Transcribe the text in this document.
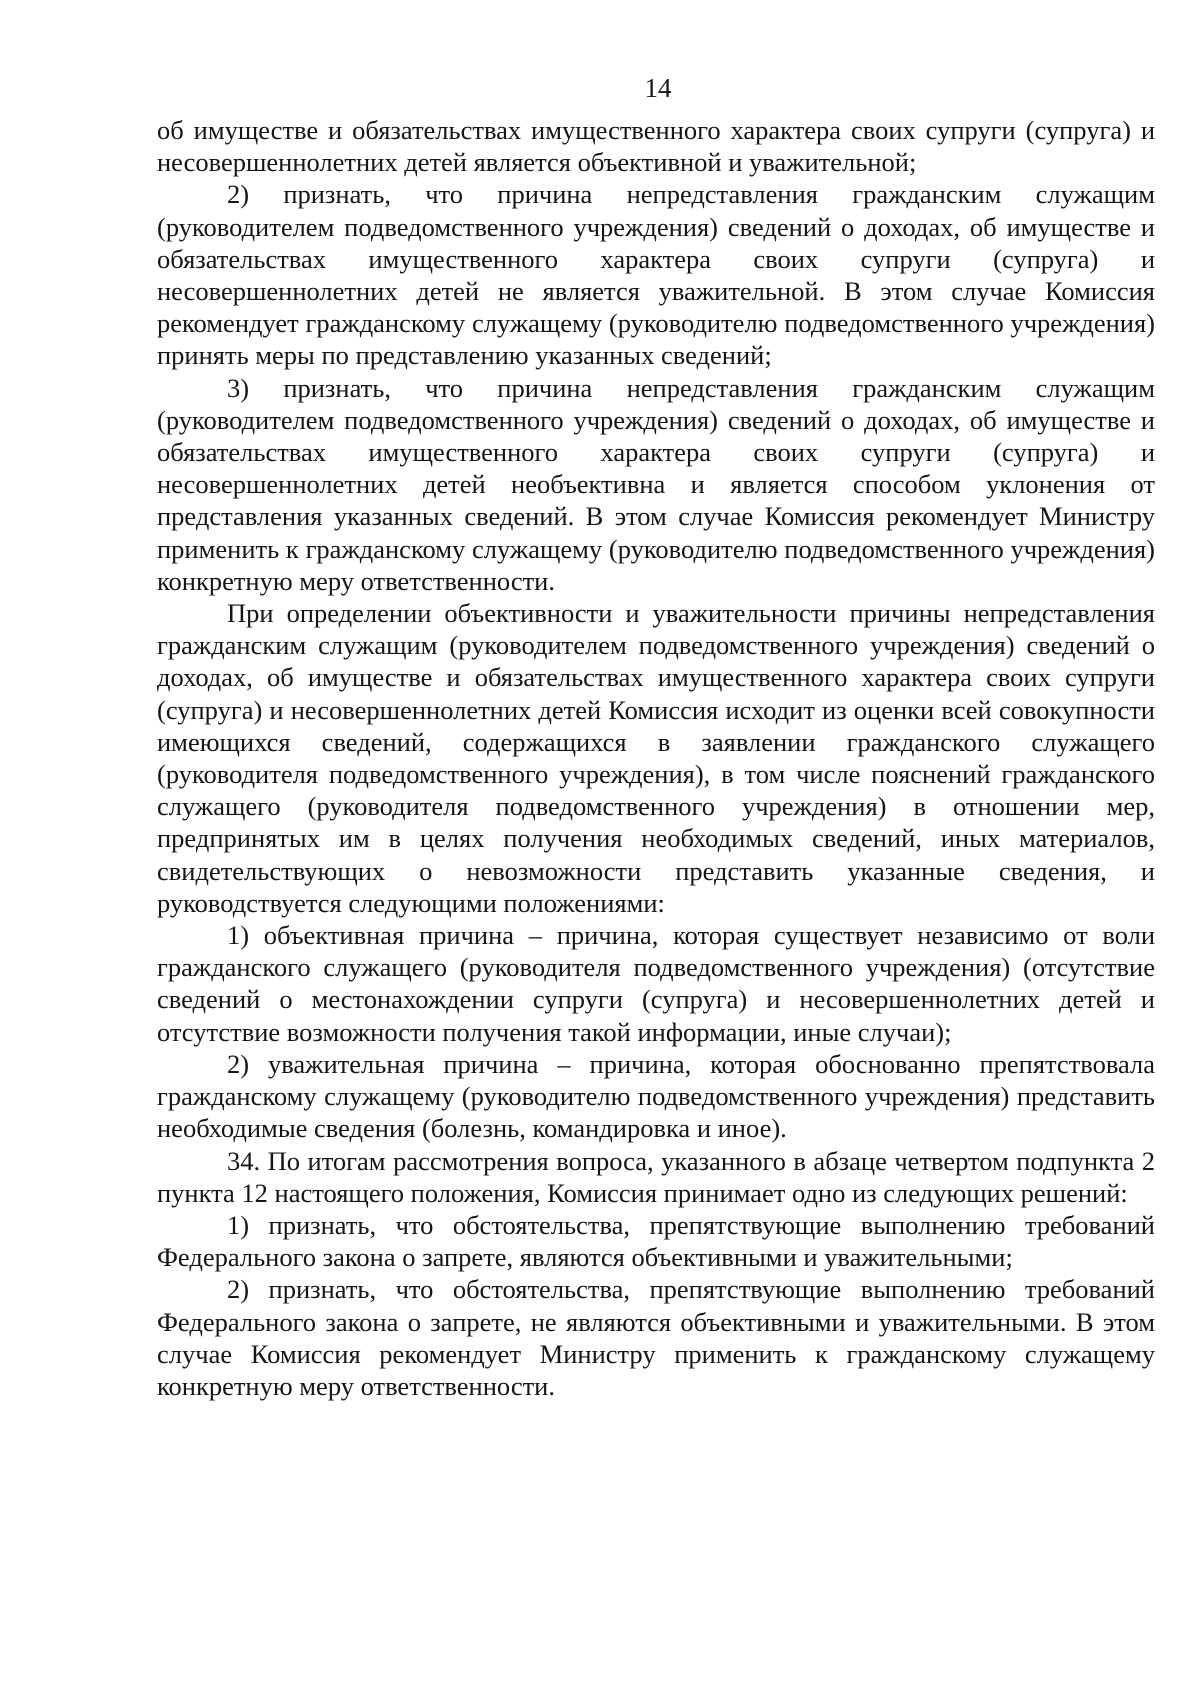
14

об имуществе и обязательствах имущественного характера своих супруги (супруга) и несовершеннолетних детей является объективной и уважительной;

2) признать, что причина непредставления гражданским служащим (руководителем подведомственного учреждения) сведений о доходах, об имуществе и обязательствах имущественного характера своих супруги (супруга) и несовершеннолетних детей не является уважительной. В этом случае Комиссия рекомендует гражданскому служащему (руководителю подведомственного учреждения) принять меры по представлению указанных сведений;

3) признать, что причина непредставления гражданским служащим (руководителем подведомственного учреждения) сведений о доходах, об имуществе и обязательствах имущественного характера своих супруги (супруга) и несовершеннолетних детей необъективна и является способом уклонения от представления указанных сведений. В этом случае Комиссия рекомендует Министру применить к гражданскому служащему (руководителю подведомственного учреждения) конкретную меру ответственности.

При определении объективности и уважительности причины непредставления гражданским служащим (руководителем подведомственного учреждения) сведений о доходах, об имуществе и обязательствах имущественного характера своих супруги (супруга) и несовершеннолетних детей Комиссия исходит из оценки всей совокупности имеющихся сведений, содержащихся в заявлении гражданского служащего (руководителя подведомственного учреждения), в том числе пояснений гражданского служащего (руководителя подведомственного учреждения) в отношении мер, предпринятых им в целях получения необходимых сведений, иных материалов, свидетельствующих о невозможности представить указанные сведения, и руководствуется следующими положениями:

1) объективная причина – причина, которая существует независимо от воли гражданского служащего (руководителя подведомственного учреждения) (отсутствие сведений о местонахождении супруги (супруга) и несовершеннолетних детей и отсутствие возможности получения такой информации, иные случаи);

2) уважительная причина – причина, которая обоснованно препятствовала гражданскому служащему (руководителю подведомственного учреждения) представить необходимые сведения (болезнь, командировка и иное).

34. По итогам рассмотрения вопроса, указанного в абзаце четвертом подпункта 2 пункта 12 настоящего положения, Комиссия принимает одно из следующих решений:

1) признать, что обстоятельства, препятствующие выполнению требований Федерального закона о запрете, являются объективными и уважительными;

2) признать, что обстоятельства, препятствующие выполнению требований Федерального закона о запрете, не являются объективными и уважительными. В этом случае Комиссия рекомендует Министру применить к гражданскому служащему конкретную меру ответственности.
